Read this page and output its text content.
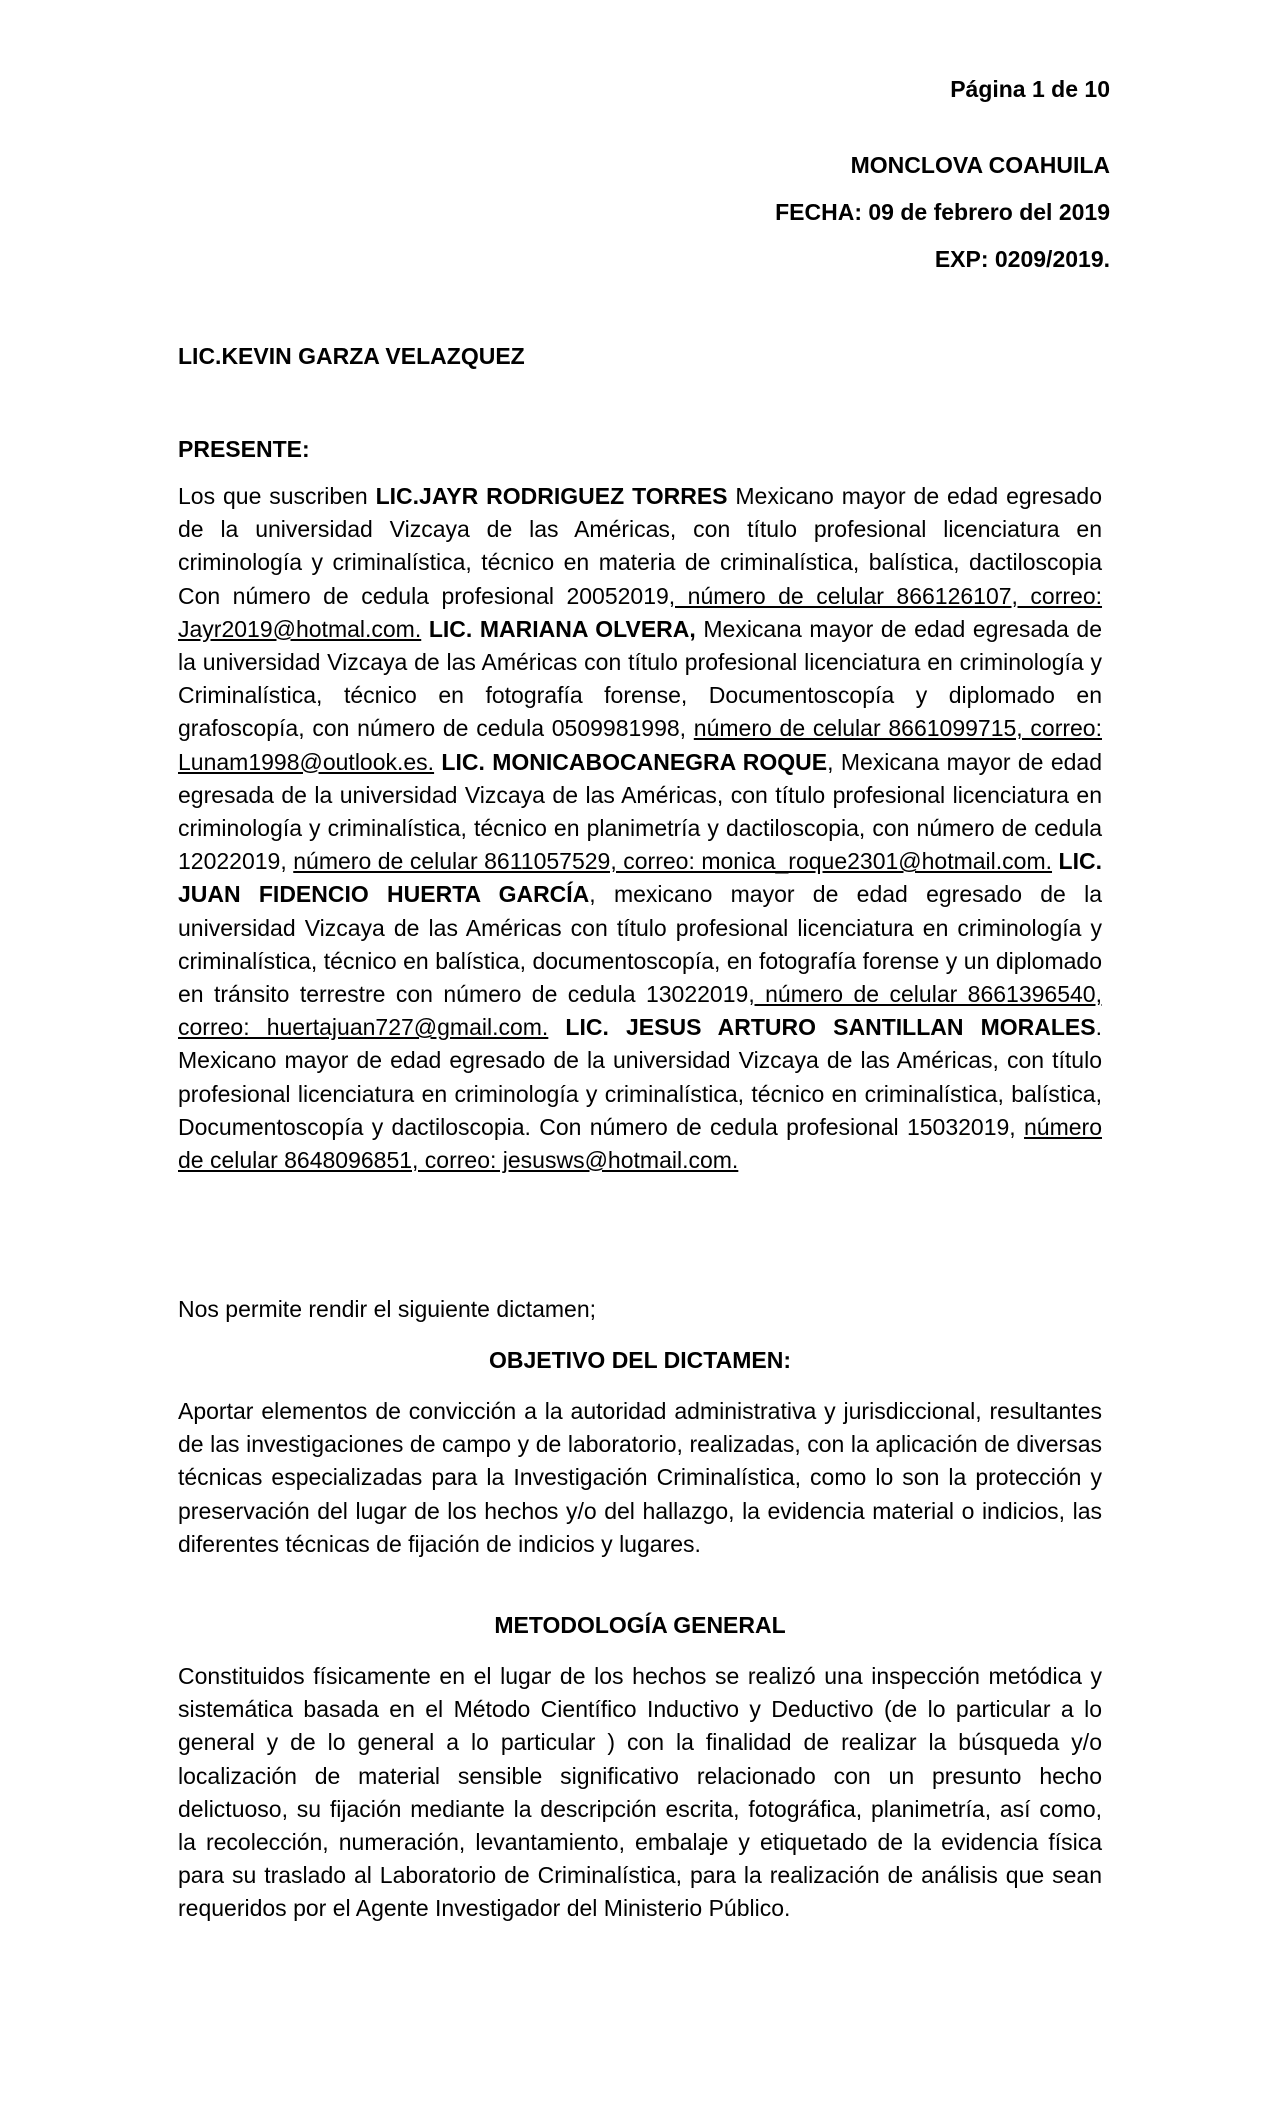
Página 1 de 10
MONCLOVA COAHUILA
FECHA: 09 de febrero del 2019
EXP: 0209/2019.
LIC.KEVIN GARZA VELAZQUEZ
PRESENTE:
Los que suscriben LIC.JAYR RODRIGUEZ TORRES Mexicano mayor de edad egresado de la universidad Vizcaya de las Américas, con título profesional licenciatura en criminología y criminalística, técnico en materia de criminalística, balística, dactiloscopia Con número de cedula profesional 20052019, número de celular 866126107, correo: Jayr2019@hotmal.com. LIC. MARIANA OLVERA, Mexicana mayor de edad egresada de la universidad Vizcaya de las Américas con título profesional licenciatura en criminología y Criminalística, técnico en fotografía forense, Documentoscopía y diplomado en grafoscopía, con número de cedula 0509981998, número de celular 8661099715, correo: Lunam1998@outlook.es. LIC. MONICABOCANEGRA ROQUE, Mexicana mayor de edad egresada de la universidad Vizcaya de las Américas, con título profesional licenciatura en criminología y criminalística, técnico en planimetría y dactiloscopia, con número de cedula 12022019, número de celular 8611057529, correo: monica_roque2301@hotmail.com. LIC. JUAN FIDENCIO HUERTA GARCÍA, mexicano mayor de edad egresado de la universidad Vizcaya de las Américas con título profesional licenciatura en criminología y criminalística, técnico en balística, documentoscopía, en fotografía forense y un diplomado en tránsito terrestre con número de cedula 13022019, número de celular 8661396540, correo: huertajuan727@gmail.com. LIC. JESUS ARTURO SANTILLAN MORALES. Mexicano mayor de edad egresado de la universidad Vizcaya de las Américas, con título profesional licenciatura en criminología y criminalística, técnico en criminalística, balística, Documentoscopía y dactiloscopia. Con número de cedula profesional 15032019, número de celular 8648096851, correo: jesusws@hotmail.com.
Nos permite rendir el siguiente dictamen;
OBJETIVO DEL DICTAMEN:
Aportar elementos de convicción a la autoridad administrativa y jurisdiccional, resultantes de las investigaciones de campo y de laboratorio, realizadas, con la aplicación de diversas técnicas especializadas para la Investigación Criminalística, como lo son la protección y preservación del lugar de los hechos y/o del hallazgo, la evidencia material o indicios, las diferentes técnicas de fijación de indicios y lugares.
METODOLOGÍA GENERAL
Constituidos físicamente en el lugar de los hechos se realizó una inspección metódica y sistemática basada en el Método Científico Inductivo y Deductivo (de lo particular a lo general y de lo general a lo particular ) con la finalidad de realizar la búsqueda y/o localización de material sensible significativo relacionado con un presunto hecho delictuoso, su fijación mediante la descripción escrita, fotográfica, planimetría, así como, la recolección, numeración, levantamiento, embalaje y etiquetado de la evidencia física para su traslado al Laboratorio de Criminalística, para la realización de análisis que sean requeridos por el Agente Investigador del Ministerio Público.
